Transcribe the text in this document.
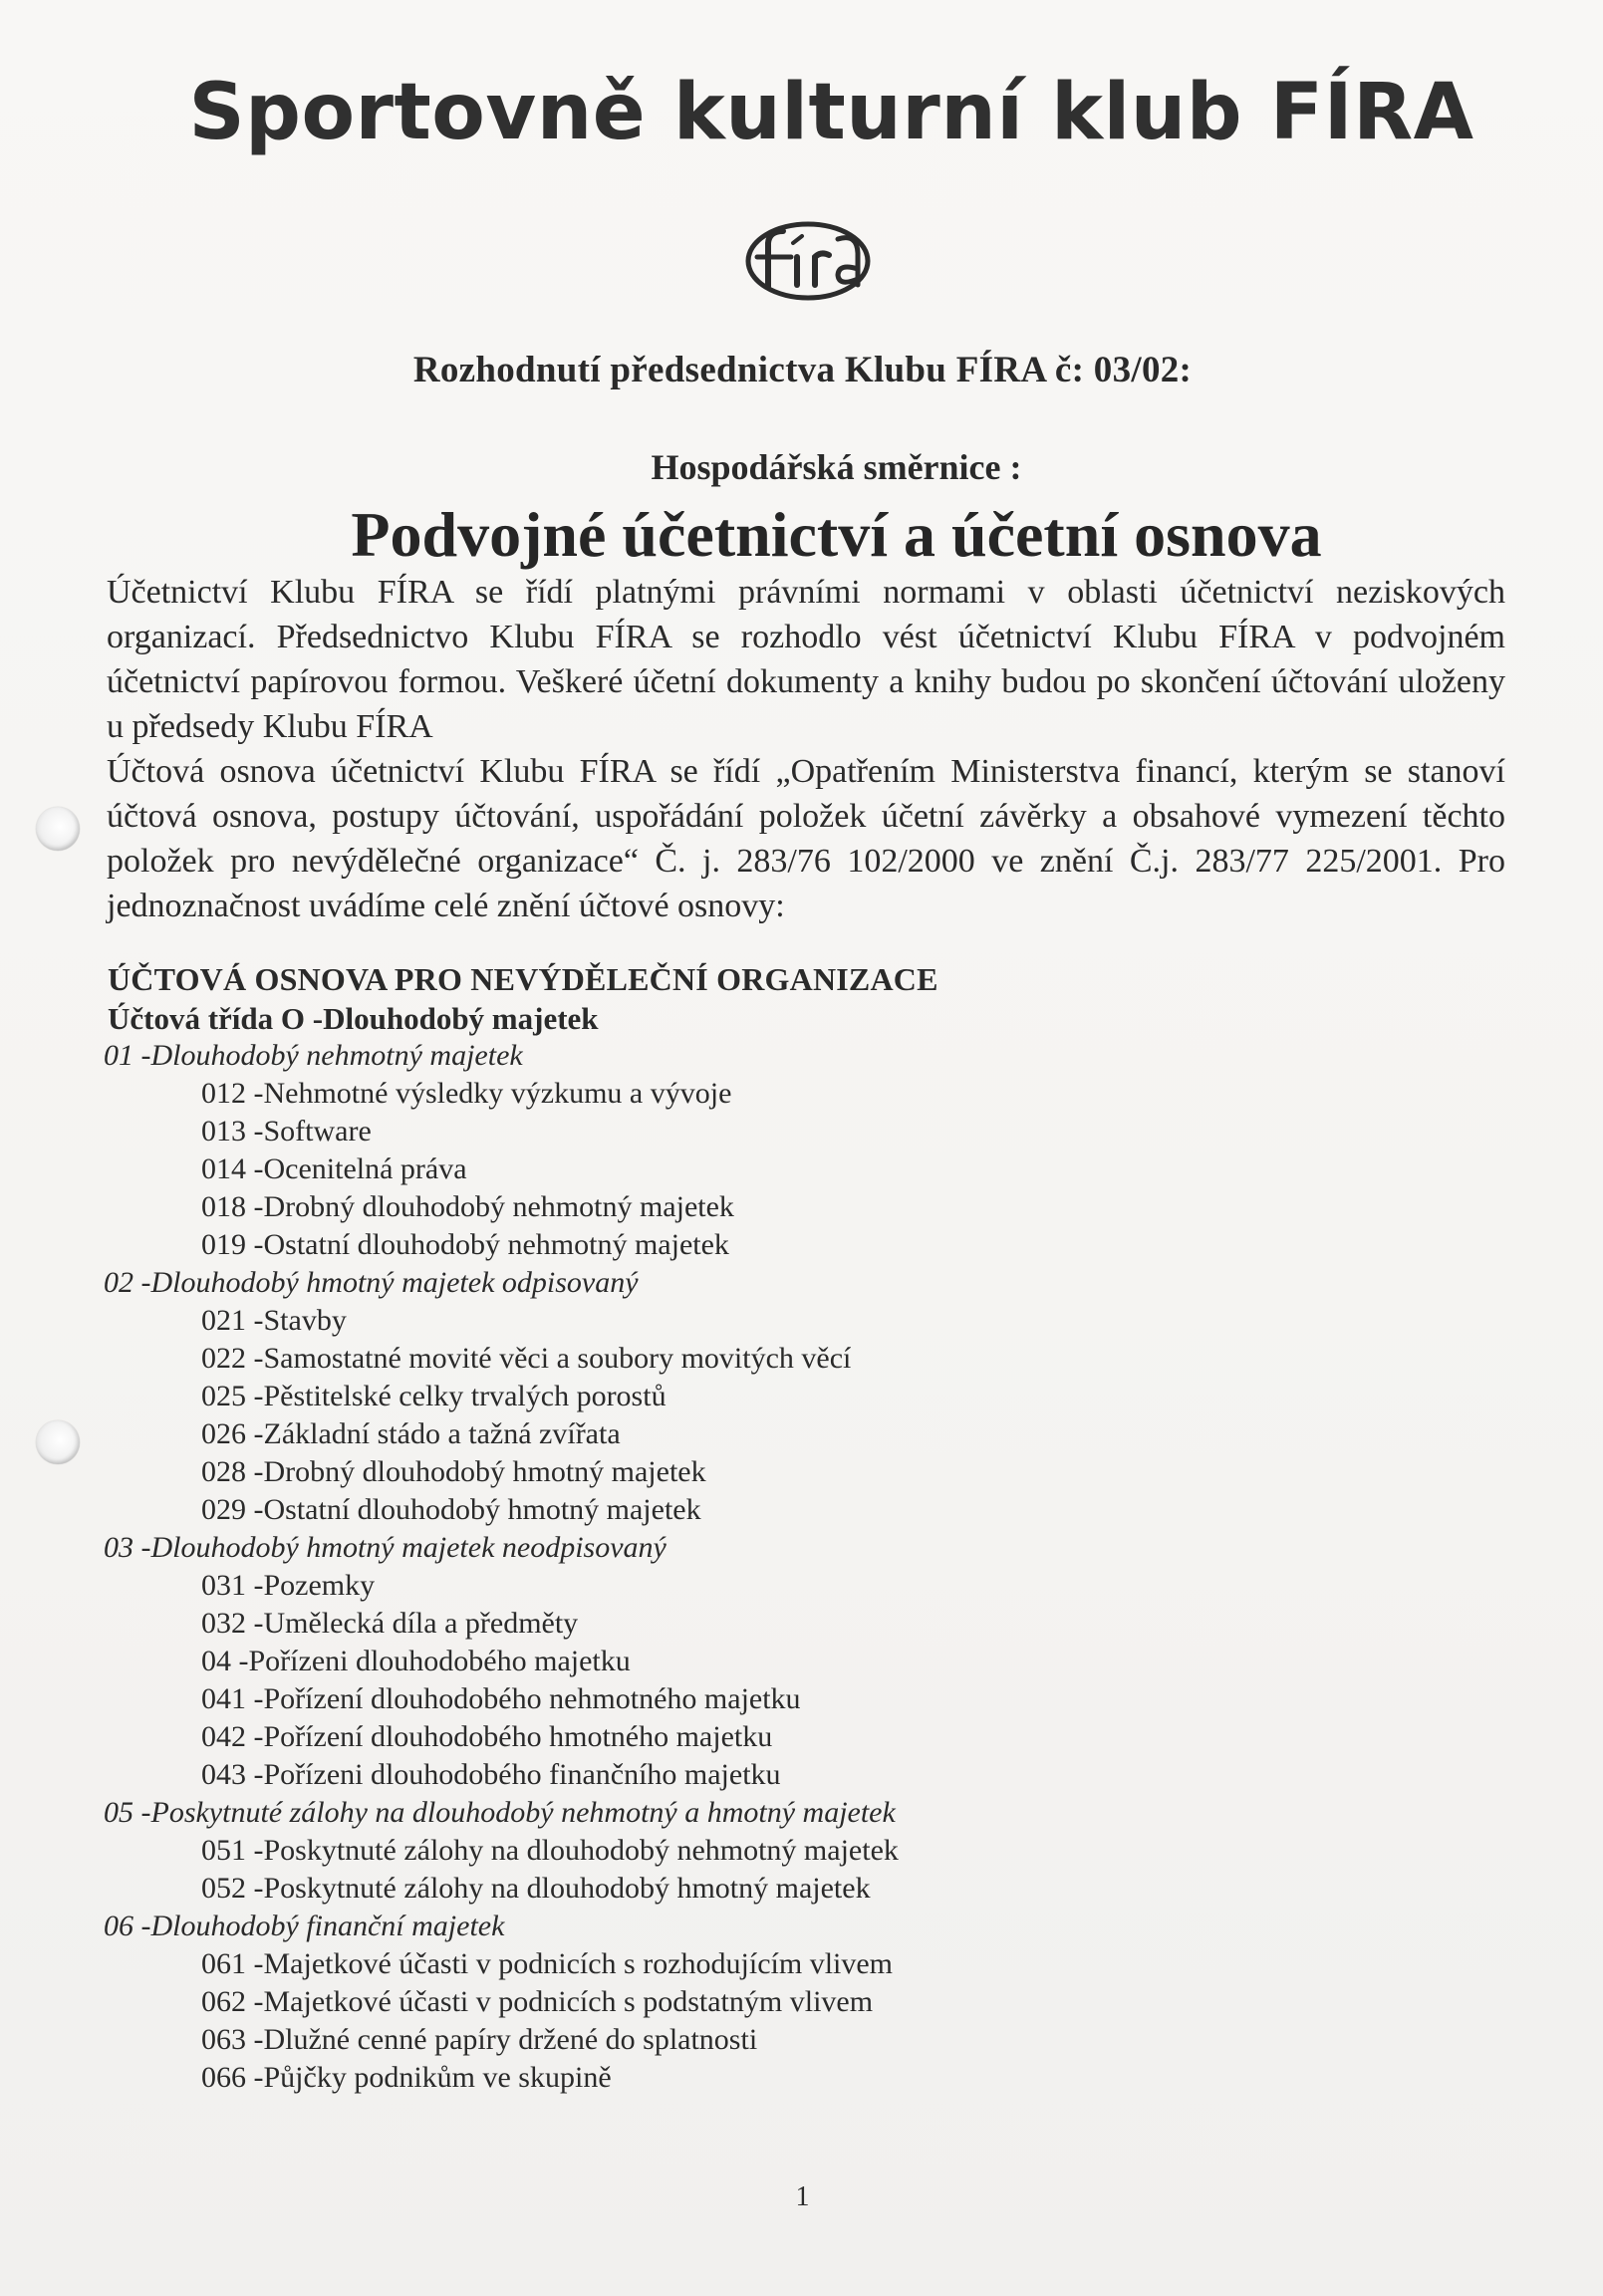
Sportovně kulturní klub FÍRA
Rozhodnutí předsednictva Klubu FÍRA č: 03/02:
Hospodářská směrnice :
Podvojné účetnictví a účetní osnova

Účetnictví Klubu FÍRA se řídí platnými právními normami v oblasti účetnictví neziskových organizací. Předsednictvo Klubu FÍRA se rozhodlo vést účetnictví Klubu FÍRA v podvojném účetnictví papírovou formou. Veškeré účetní dokumenty a knihy budou po skončení účtování uloženy u předsedy Klubu FÍRA

Účtová osnova účetnictví Klubu FÍRA se řídí „Opatřením Ministerstva financí, kterým se stanoví účtová osnova, postupy účtování, uspořádání položek účetní závěrky a obsahové vymezení těchto položek pro nevýdělečné organizace“ Č. j. 283/76 102/2000 ve znění Č.j. 283/77 225/2001. Pro jednoznačnost uvádíme celé znění účtové osnovy:

ÚČTOVÁ OSNOVA PRO NEVÝDĚLEČNÍ ORGANIZACE
Účtová třída O -Dlouhodobý majetek
01 -Dlouhodobý nehmotný majetek
012 -Nehmotné výsledky výzkumu a vývoje
013 -Software
014 -Ocenitelná práva
018 -Drobný dlouhodobý nehmotný majetek
019 -Ostatní dlouhodobý nehmotný majetek
02 -Dlouhodobý hmotný majetek odpisovaný
021 -Stavby
022 -Samostatné movité věci a soubory movitých věcí
025 -Pěstitelské celky trvalých porostů
026 -Základní stádo a tažná zvířata
028 -Drobný dlouhodobý hmotný majetek
029 -Ostatní dlouhodobý hmotný majetek
03 -Dlouhodobý hmotný majetek neodpisovaný
031 -Pozemky
032 -Umělecká díla a předměty
04 -Pořízeni dlouhodobého majetku
041 -Pořízení dlouhodobého nehmotného majetku
042 -Pořízení dlouhodobého hmotného majetku
043 -Pořízeni dlouhodobého finančního majetku
05 -Poskytnuté zálohy na dlouhodobý nehmotný a hmotný majetek
051 -Poskytnuté zálohy na dlouhodobý nehmotný majetek
052 -Poskytnuté zálohy na dlouhodobý hmotný majetek
06 -Dlouhodobý finanční majetek
061 -Majetkové účasti v podnicích s rozhodujícím vlivem
062 -Majetkové účasti v podnicích s podstatným vlivem
063 -Dlužné cenné papíry držené do splatnosti
066 -Půjčky podnikům ve skupině
1
